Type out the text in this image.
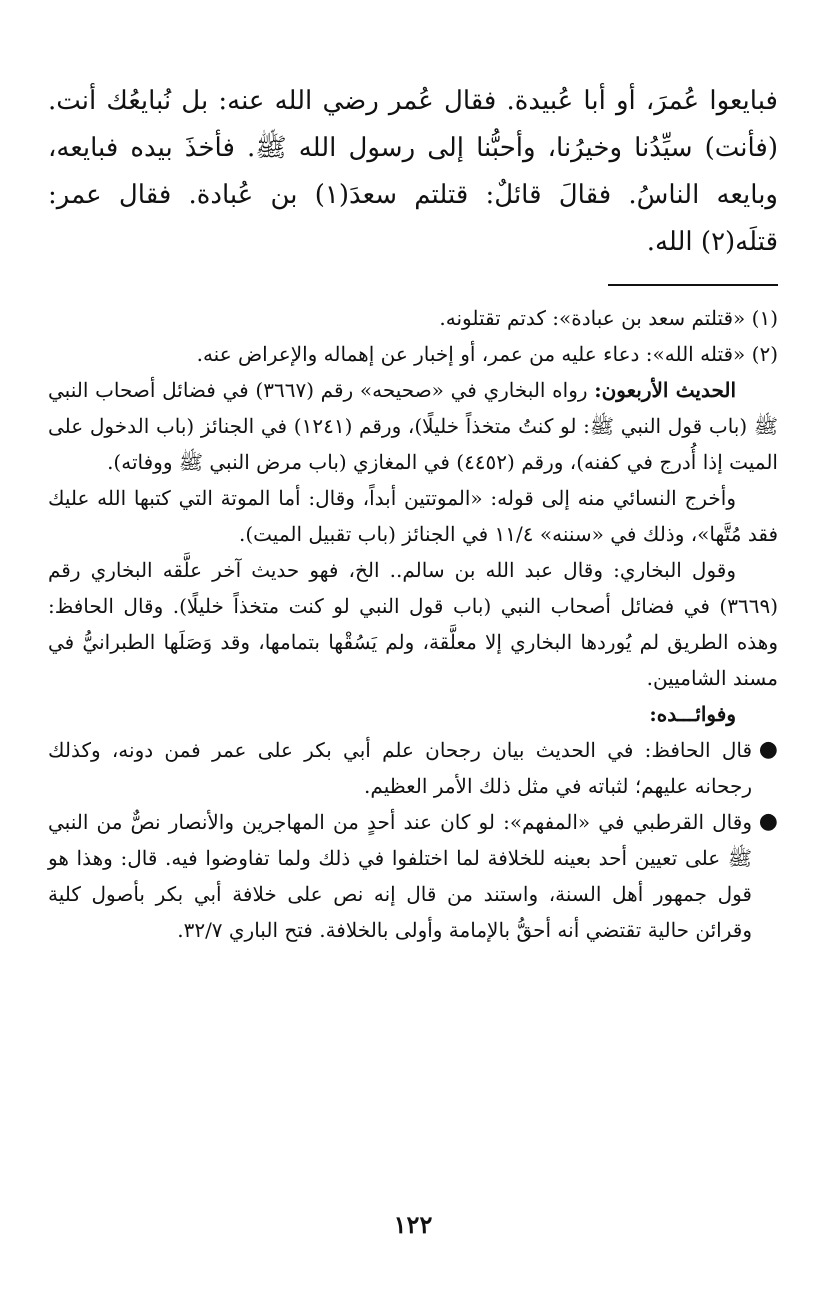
فبايعوا عُمرَ، أو أبا عُبيدة. فقال عُمر رضي الله عنه: بل نُبايعُك أنت. (فأنت) سيِّدُنا وخيرُنا، وأحبُّنا إلى رسول الله ﷺ. فأخذَ بيده فبايعه، وبايعه الناسُ. فقالَ قائلٌ: قتلتم سعدَ(١) بن عُبادة. فقال عمر: قتلَه(٢) الله.

(١) «قتلتم سعد بن عبادة»: كدتم تقتلونه.

(٢) «قتله الله»: دعاء عليه من عمر، أو إخبار عن إهماله والإعراض عنه.

الحديث الأربعون: رواه البخاري في «صحيحه» رقم (٣٦٦٧) في فضائل أصحاب النبي ﷺ (باب قول النبي ﷺ: لو كنتُ متخذاً خليلًا)، ورقم (١٢٤١) في الجنائز (باب الدخول على الميت إذا أُدرج في كفنه)، ورقم (٤٤٥٢) في المغازي (باب مرض النبي ﷺ ووفاته).

وأخرج النسائي منه إلى قوله: «الموتتين أبداً، وقال: أما الموتة التي كتبها الله عليك فقد مُتَّها»، وذلك في «سننه» ١١/٤ في الجنائز (باب تقبيل الميت).

وقول البخاري: وقال عبد الله بن سالم.. الخ، فهو حديث آخر علَّقه البخاري رقم (٣٦٦٩) في فضائل أصحاب النبي (باب قول النبي لو كنت متخذاً خليلًا). وقال الحافظ: وهذه الطريق لم يُوردها البخاري إلا معلَّقة، ولم يَسُقْها بتمامها، وقد وَصَلَها الطبرانيُّ في مسند الشاميين.

وفوائـــده:

●
قال الحافظ: في الحديث بيان رجحان علم أبي بكر على عمر فمن دونه، وكذلك رجحانه عليهم؛ لثباته في مثل ذلك الأمر العظيم.
●
وقال القرطبي في «المفهم»: لو كان عند أحدٍ من المهاجرين والأنصار نصٌّ من النبي ﷺ على تعيين أحد بعينه للخلافة لما اختلفوا في ذلك ولما تفاوضوا فيه. قال: وهذا هو قول جمهور أهل السنة، واستند من قال إنه نص على خلافة أبي بكر بأصول كلية وقرائن حالية تقتضي أنه أحقُّ بالإمامة وأولى بالخلافة. فتح الباري ٣٢/٧.
١٢٢
